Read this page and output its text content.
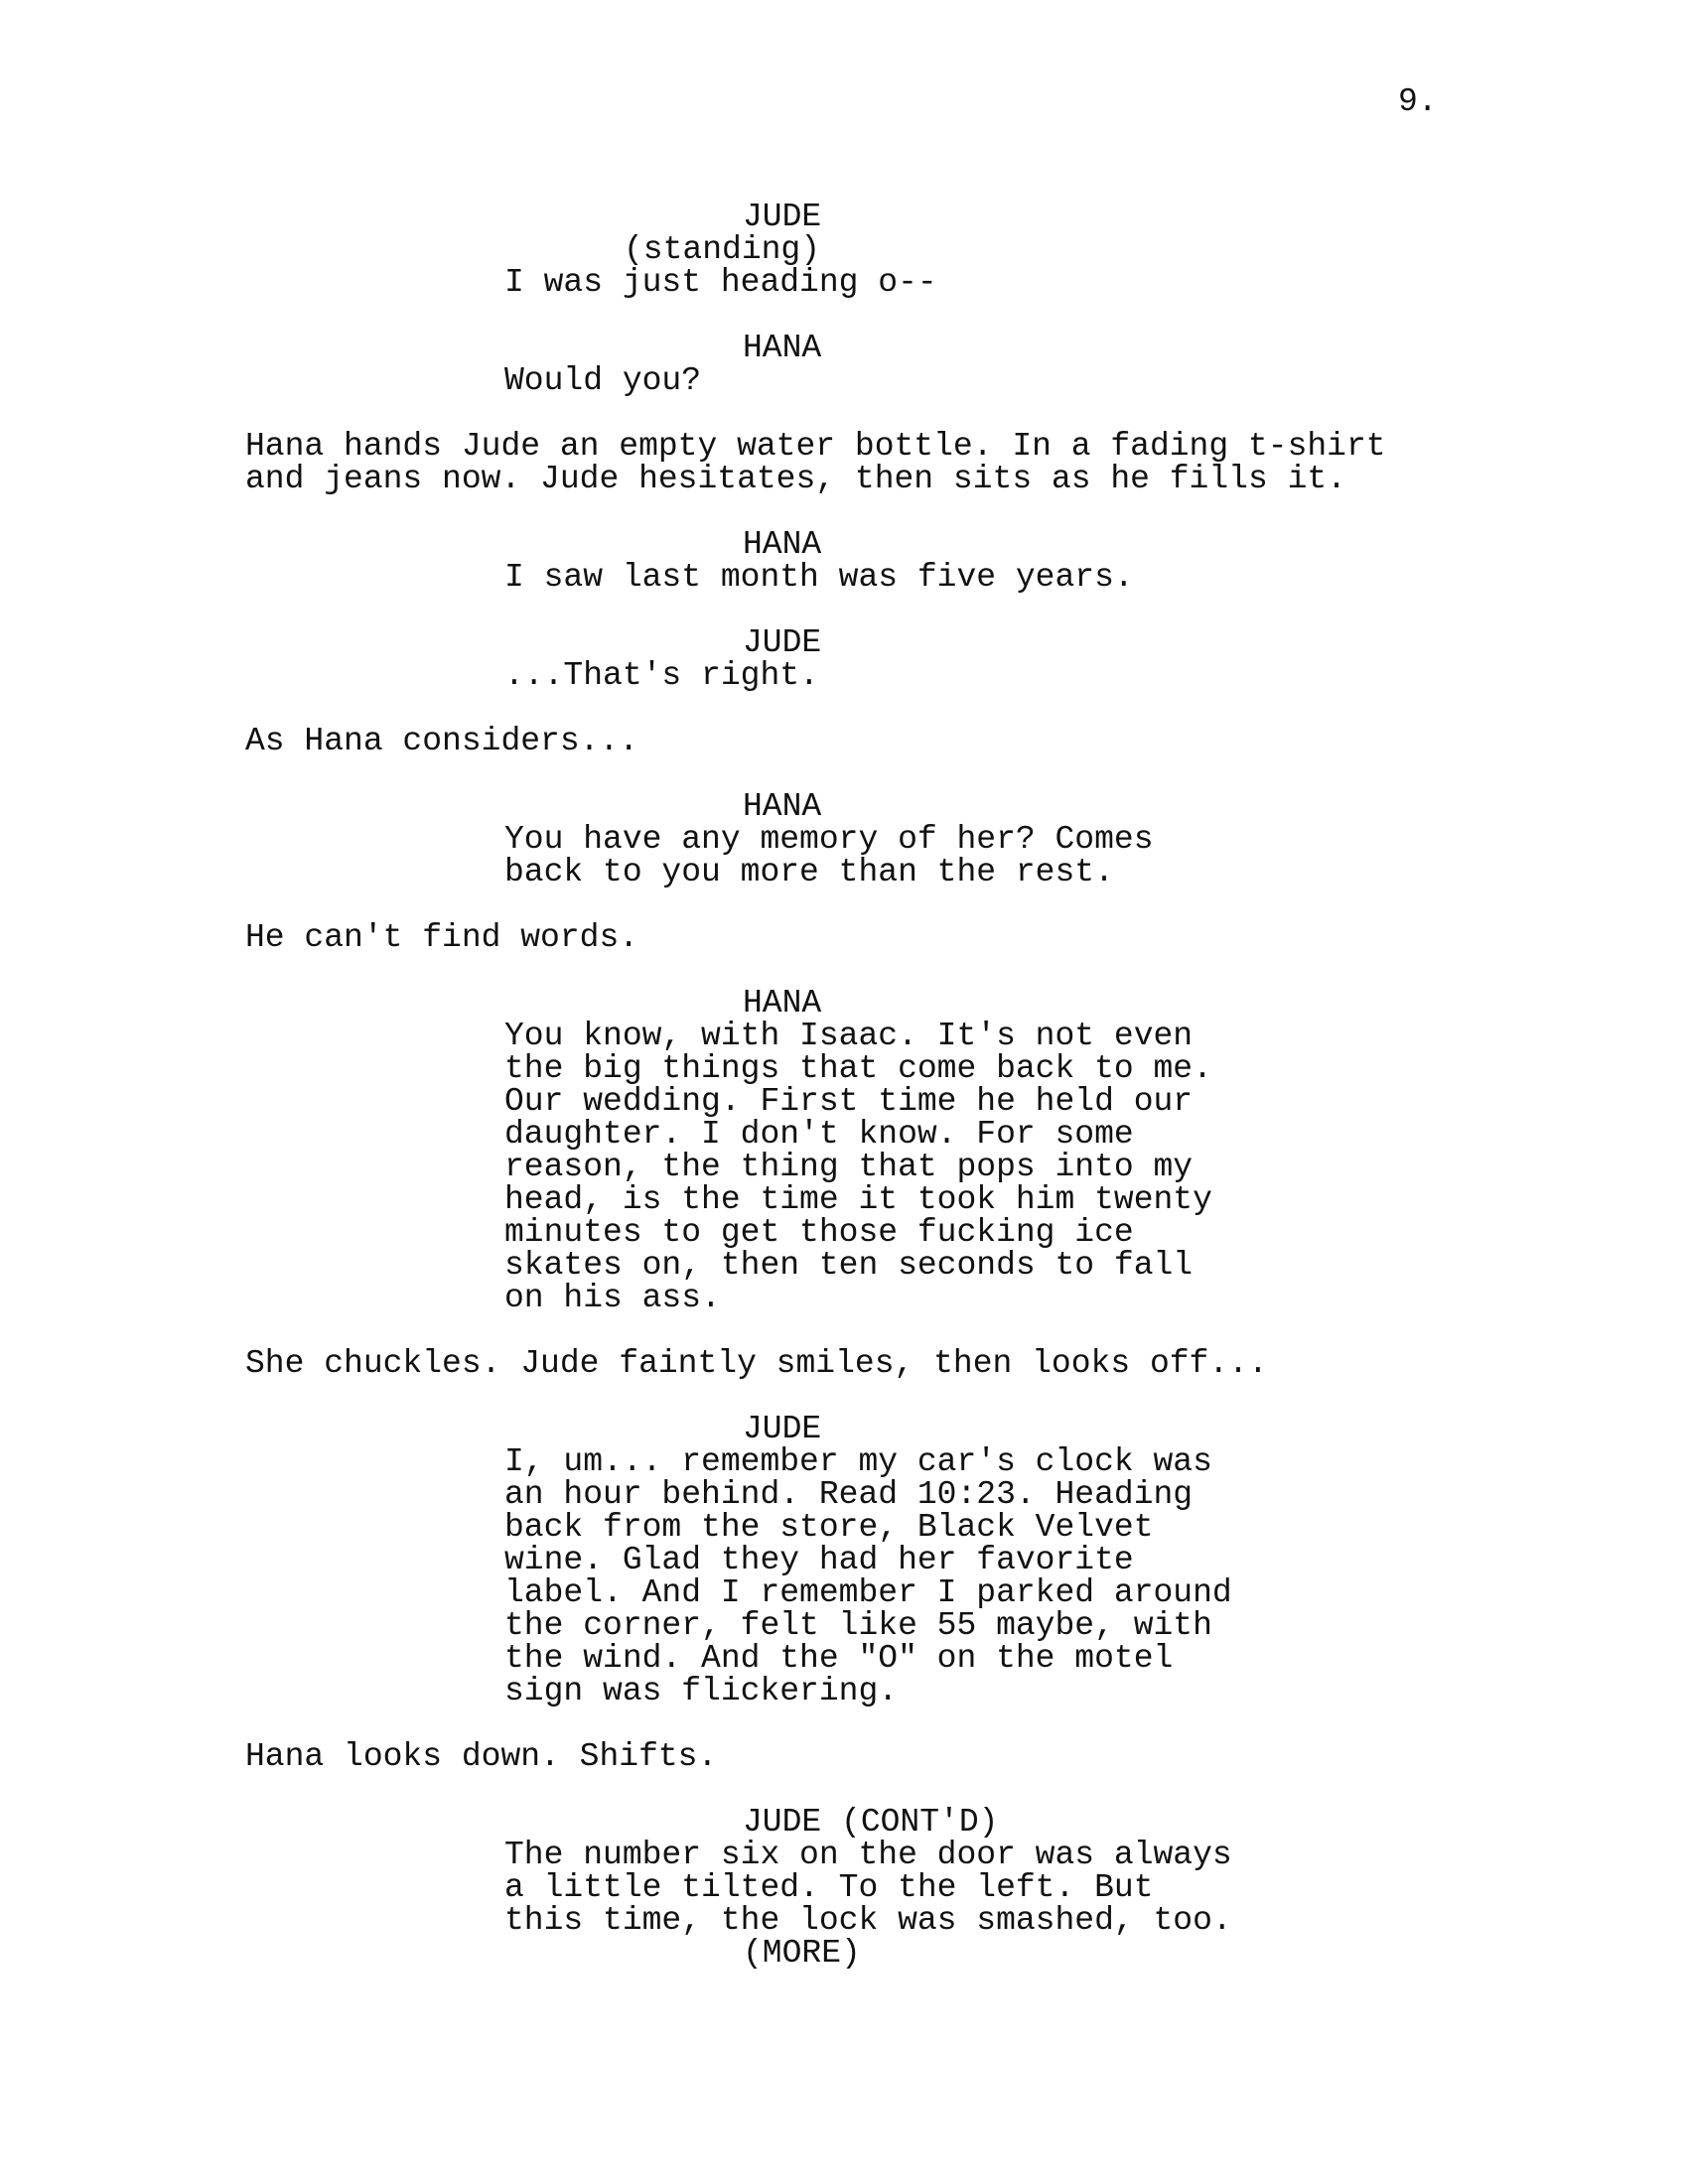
9.

JUDE

(standing)

I was just heading o--

HANA

Would you?

Hana hands Jude an empty water bottle. In a fading t-shirt

and jeans now. Jude hesitates, then sits as he fills it.

HANA

I saw last month was five years.

JUDE

...That's right.

As Hana considers...

HANA

You have any memory of her? Comes

back to you more than the rest.

He can't find words.

HANA

You know, with Isaac. It's not even

the big things that come back to me.

Our wedding. First time he held our

daughter. I don't know. For some

reason, the thing that pops into my

head, is the time it took him twenty

minutes to get those fucking ice

skates on, then ten seconds to fall

on his ass.

She chuckles. Jude faintly smiles, then looks off...

JUDE

I, um... remember my car's clock was

an hour behind. Read 10:23. Heading

back from the store, Black Velvet

wine. Glad they had her favorite

label. And I remember I parked around

the corner, felt like 55 maybe, with

the wind. And the "O" on the motel

sign was flickering.

Hana looks down. Shifts.

JUDE (CONT'D)

The number six on the door was always

a little tilted. To the left. But

this time, the lock was smashed, too.

(MORE)
